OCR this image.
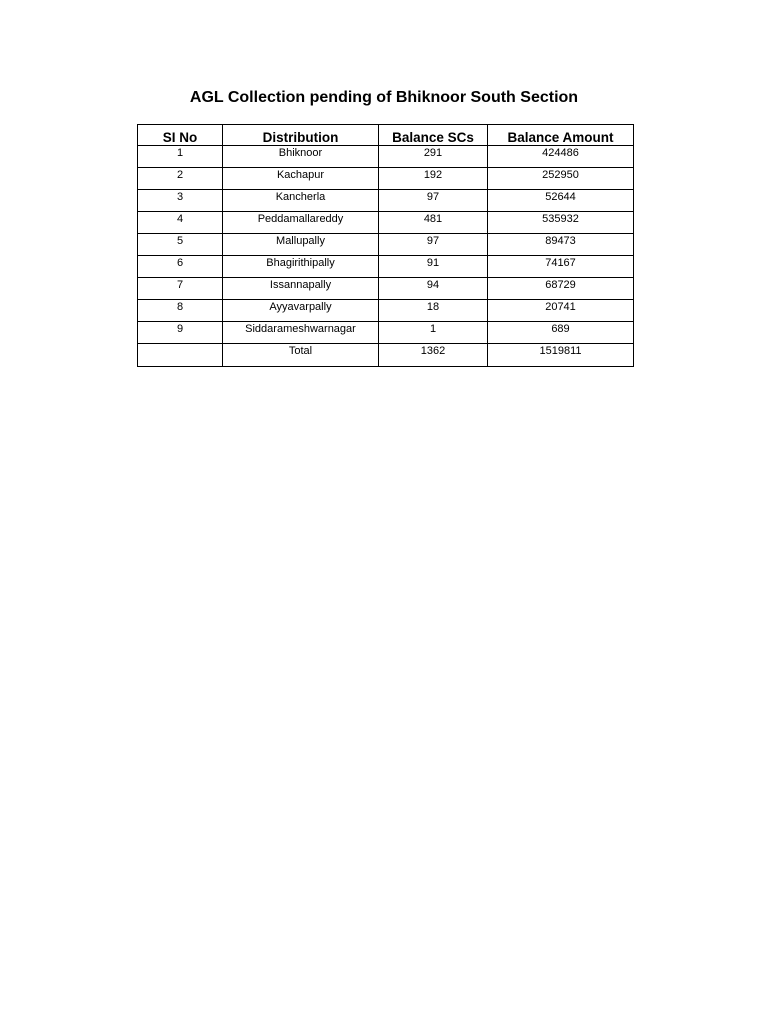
AGL Collection pending of Bhiknoor South Section
SI No	Distribution	Balance SCs	Balance Amount
1	Bhiknoor	291	424486
2	Kachapur	192	252950
3	Kancherla	97	52644
4	Peddamallareddy	481	535932
5	Mallupally	97	89473
6	Bhagirithipally	91	74167
7	Issannapally	94	68729
8	Ayyavarpally	18	20741
9	Siddarameshwarnagar	1	689
	Total	1362	1519811
